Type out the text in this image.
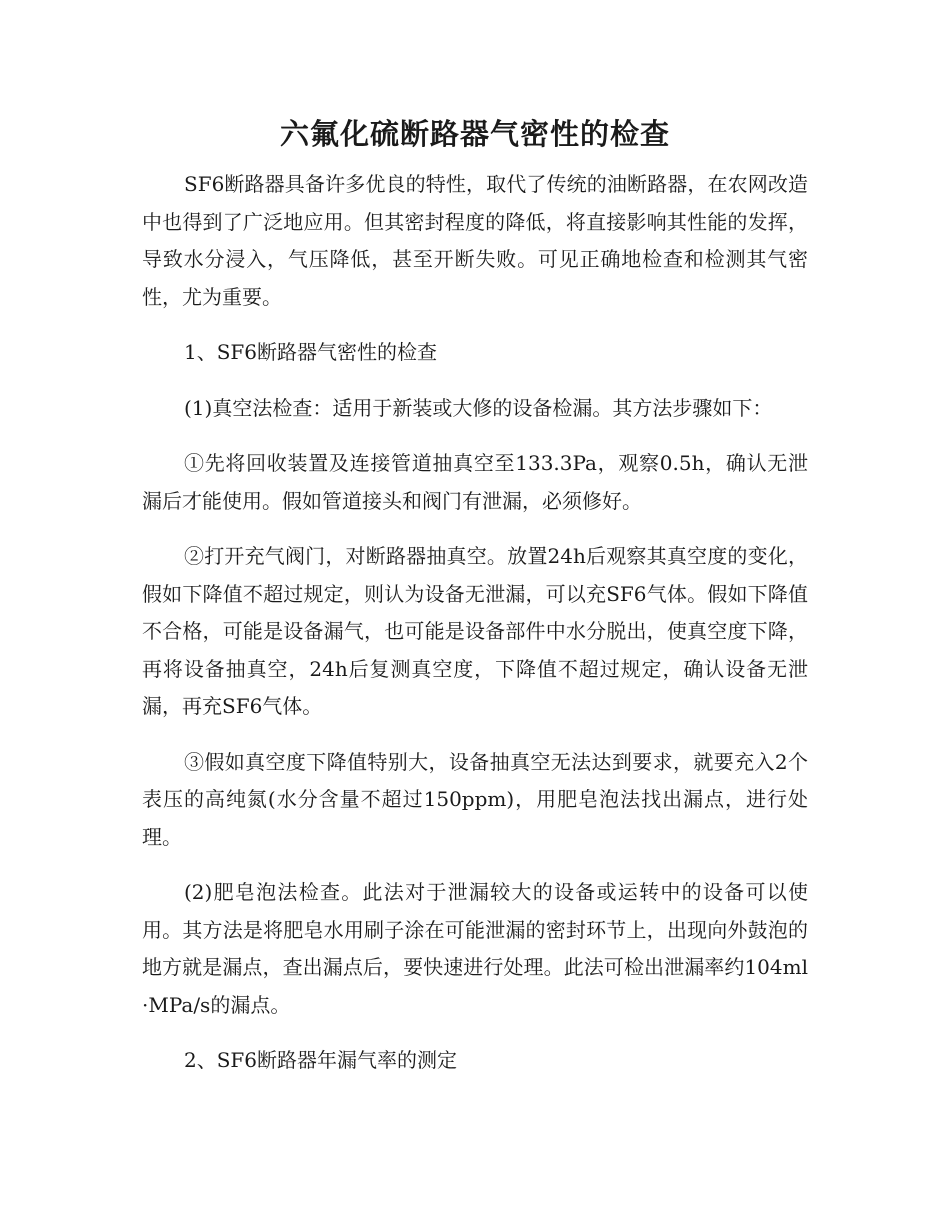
六氟化硫断路器气密性的检查

SF6断路器具备许多优良的特性，取代了传统的油断路器，在农网改造中也得到了广泛地应用。但其密封程度的降低，将直接影响其性能的发挥，导致水分浸入，气压降低，甚至开断失败。可见正确地检查和检测其气密性，尤为重要。

1、SF6断路器气密性的检查

(1)真空法检查：适用于新装或大修的设备检漏。其方法步骤如下：

①先将回收装置及连接管道抽真空至133.3Pa，观察0.5h，确认无泄漏后才能使用。假如管道接头和阀门有泄漏，必须修好。

②打开充气阀门，对断路器抽真空。放置24h后观察其真空度的变化，假如下降值不超过规定，则认为设备无泄漏，可以充SF6气体。假如下降值不合格，可能是设备漏气，也可能是设备部件中水分脱出，使真空度下降，再将设备抽真空，24h后复测真空度，下降值不超过规定，确认设备无泄漏，再充SF6气体。

③假如真空度下降值特别大，设备抽真空无法达到要求，就要充入2个表压的高纯氮(水分含量不超过150ppm)，用肥皂泡法找出漏点，进行处理。

(2)肥皂泡法检查。此法对于泄漏较大的设备或运转中的设备可以使用。其方法是将肥皂水用刷子涂在可能泄漏的密封环节上，出现向外鼓泡的地方就是漏点，查出漏点后，要快速进行处理。此法可检出泄漏率约104ml·MPa/s的漏点。

2、SF6断路器年漏气率的测定
